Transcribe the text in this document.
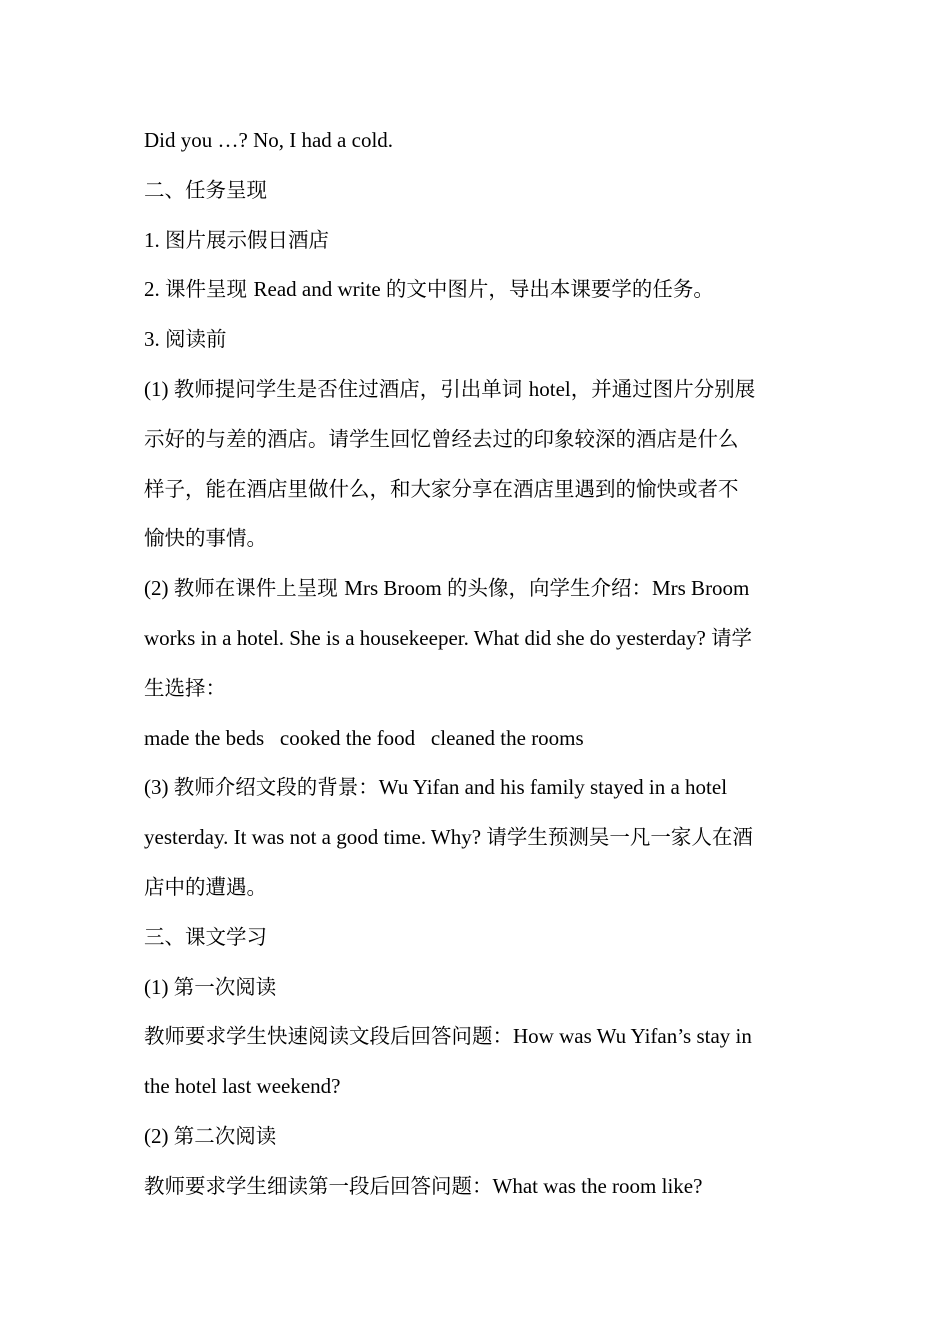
Did you …? No, I had a cold.
二、任务呈现
1. 图片展示假日酒店
2. 课件呈现 Read and write 的文中图片，导出本课要学的任务。
3. 阅读前
(1) 教师提问学生是否住过酒店，引出单词 hotel，并通过图片分别展
示好的与差的酒店。请学生回忆曾经去过的印象较深的酒店是什么
样子，能在酒店里做什么，和大家分享在酒店里遇到的愉快或者不
愉快的事情。
(2) 教师在课件上呈现 Mrs Broom 的头像，向学生介绍：Mrs Broom
works in a hotel. She is a housekeeper. What did she do yesterday? 请学
生选择：
made the beds   cooked the food   cleaned the rooms
(3) 教师介绍文段的背景：Wu Yifan and his family stayed in a hotel
yesterday. It was not a good time. Why? 请学生预测吴一凡一家人在酒
店中的遭遇。
三、课文学习
(1) 第一次阅读
教师要求学生快速阅读文段后回答问题：How was Wu Yifan’s stay in
the hotel last weekend?
(2) 第二次阅读
教师要求学生细读第一段后回答问题：What was the room like?
